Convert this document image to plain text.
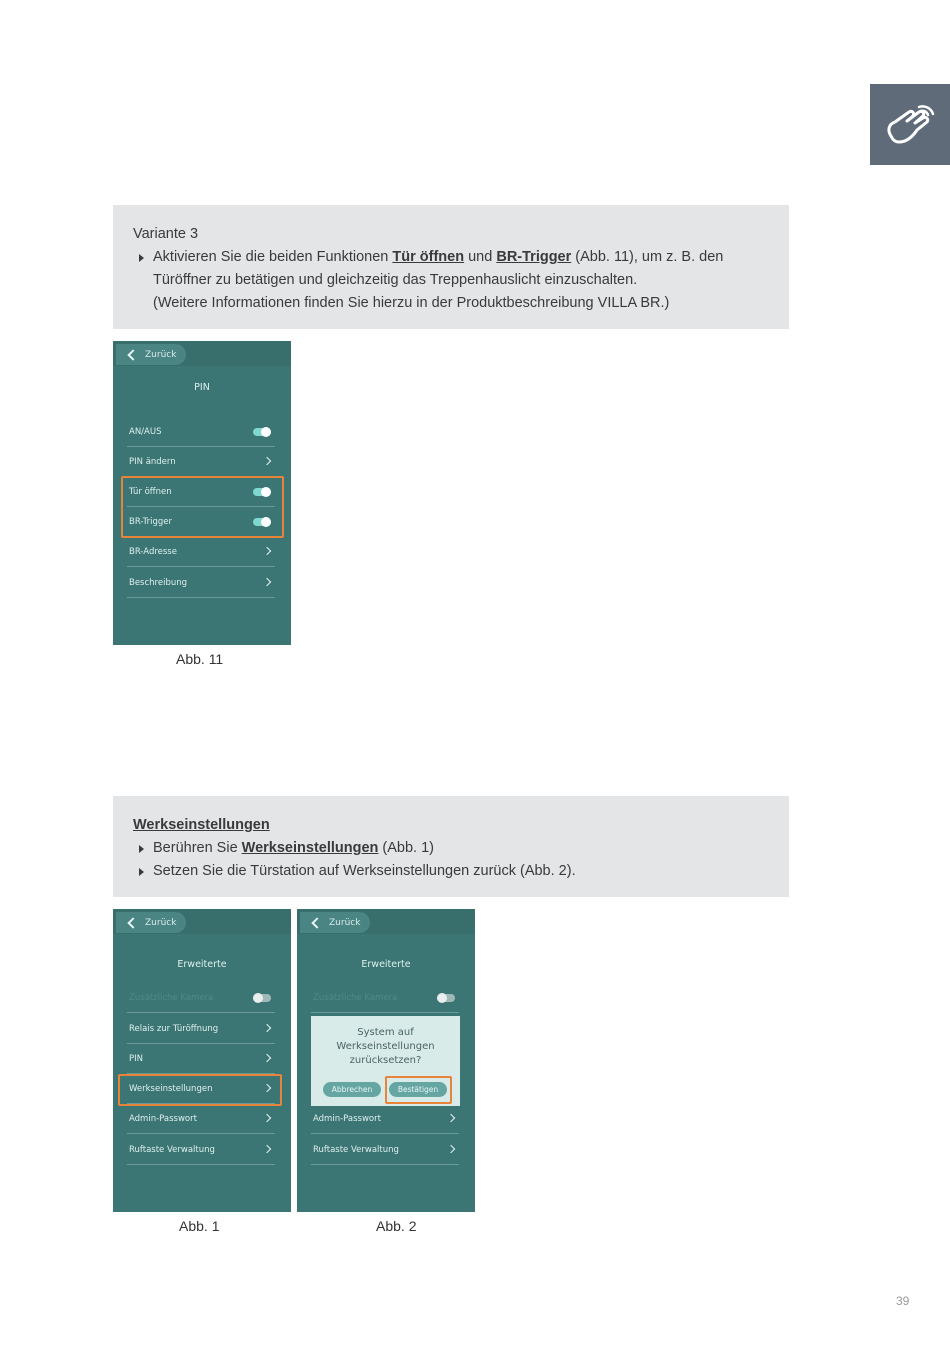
Variante 3
Aktivieren Sie die beiden Funktionen Tür öffnen und BR-Trigger (Abb. 11), um z. B. den
Türöffner zu betätigen und gleichzeitig das Treppenhauslicht einzuschalten.
(Weitere Informationen finden Sie hierzu in der Produktbeschreibung VILLA BR.)
Zurück
PIN
AN/AUS
PIN ändern
Tür öffnen
BR-Trigger
BR-Adresse
Beschreibung
Abb. 11
Werkseinstellungen
Berühren Sie Werkseinstellungen (Abb. 1)
Setzen Sie die Türstation auf Werkseinstellungen zurück (Abb. 2).
Zurück
Erweiterte
Zusätzliche Kamera
Relais zur Türöffnung
PIN
Werkseinstellungen
Admin-Passwort
Ruftaste Verwaltung
Abb. 1
Zurück
Erweiterte
Zusätzliche Kamera
System auf
Werkseinstellungen
zurücksetzen?
Abbrechen	Bestätigen
Admin-Passwort
Ruftaste Verwaltung
Abb. 2
39
